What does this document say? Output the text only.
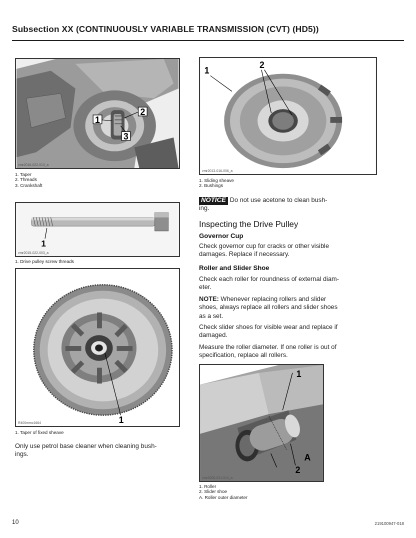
Subsection XX (CONTINUOUSLY VARIABLE TRANSMISSION (CVT) (HD5))
1
2
3
vmr2016-022-013_a
1. Taper
2. Threads
3. Crankshaft
1
vmr2015-022-003_a
1. Drive pulley screw threads
1
R400mmc1664
1. Taper of fixed sheave
Only use petrol base cleaner when cleaning bush-
ings.
1
2
vmr2013-016-006_a
1. Sliding sheave
2. Bushings
NOTICE Do not use acetone to clean bush-
ing.
Inspecting the Drive Pulley
Governor Cup
Check governor cup for cracks or other visible
damages. Replace if necessary.
Roller and Slider Shoe
Check each roller for roundness of external diam-
eter.
NOTE: Whenever replacing rollers and slider
shoes, always replace all rollers and slider shoes
as a set.
Check slider shoes for visible wear and replace if
damaged.
Measure the roller diameter. If one roller is out of
specification, replace all rollers.
1
2
A
vmr2006-021-014_a
1. Roller
2. Slider shoe
A. Roller outer diameter
10	219100947-018
